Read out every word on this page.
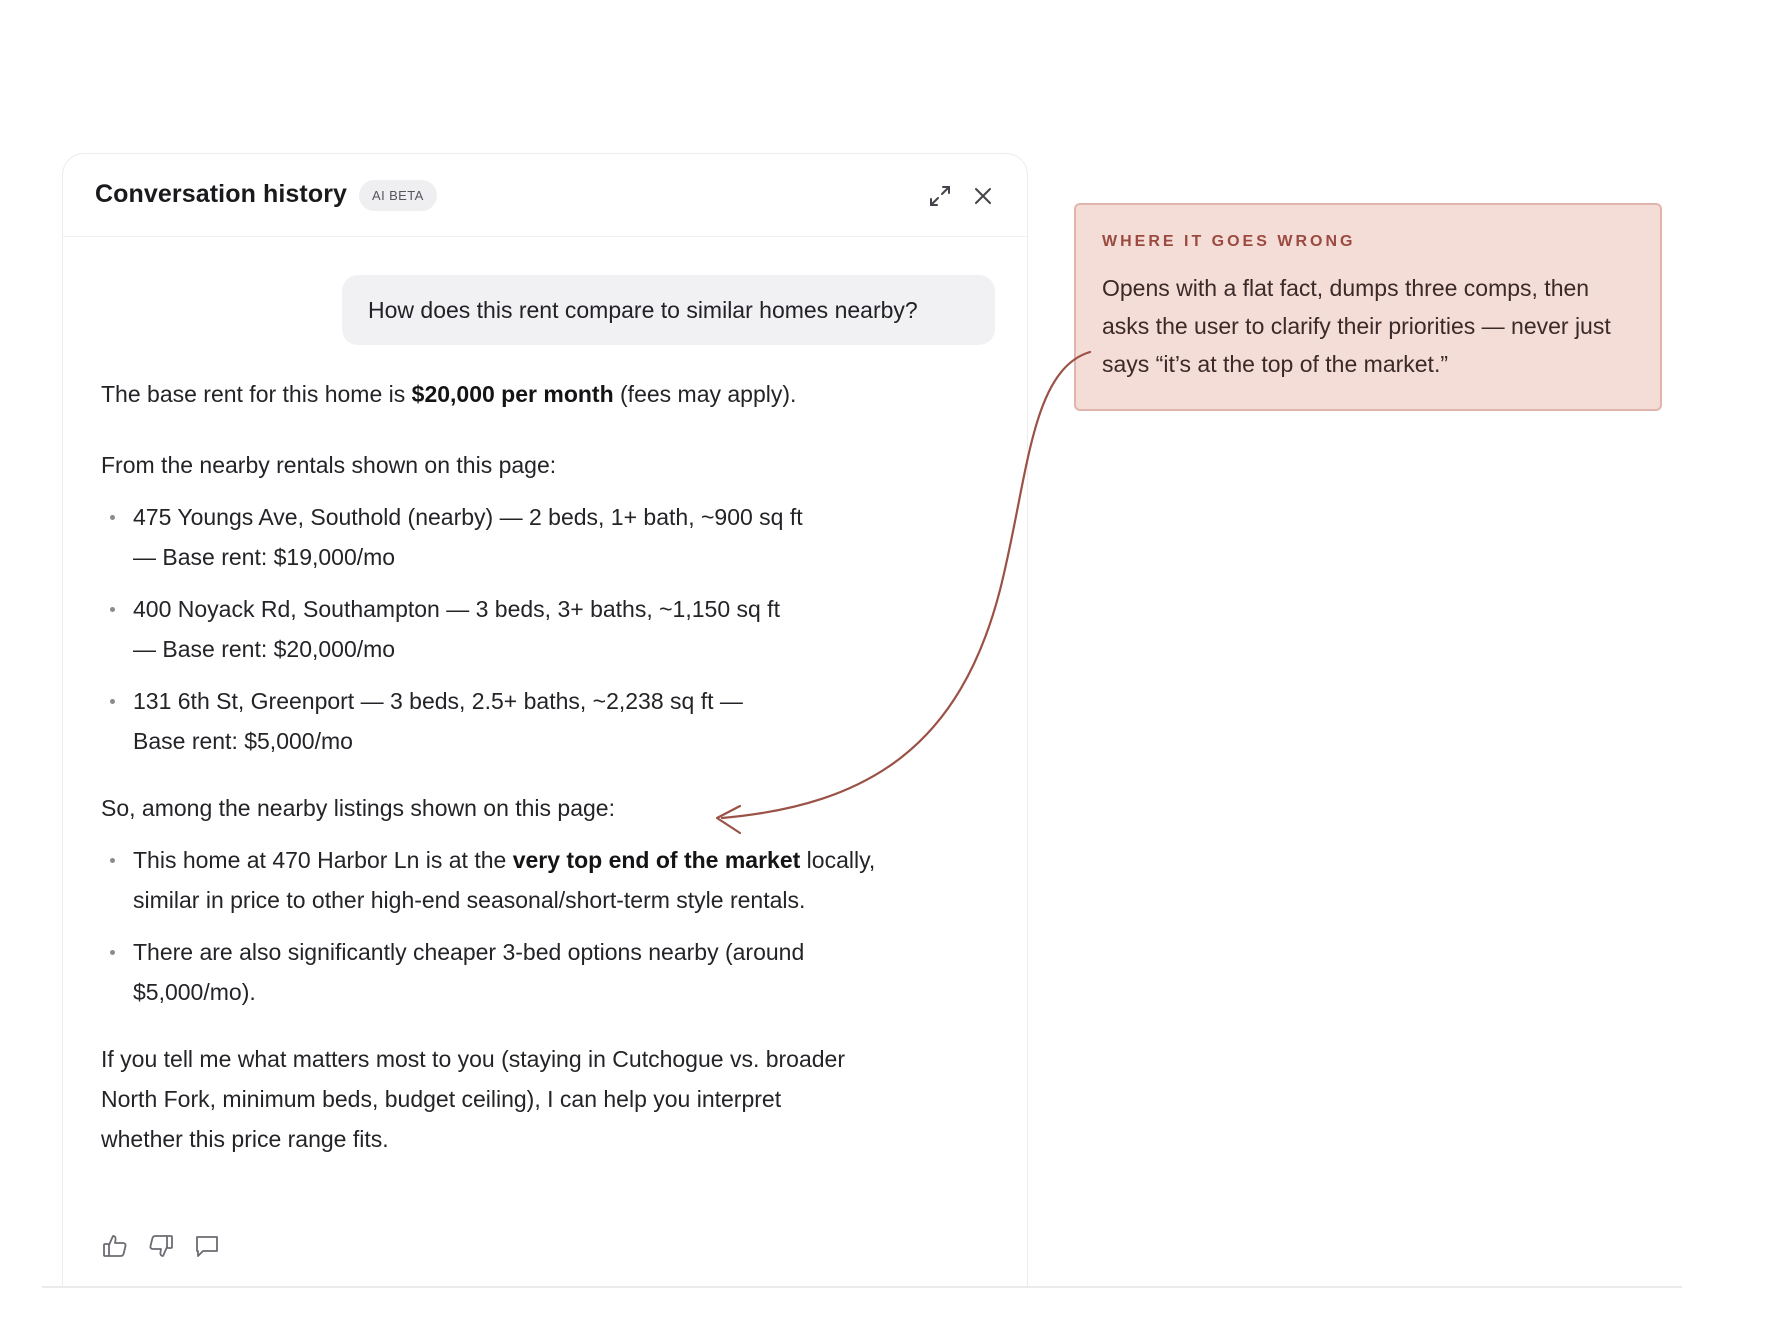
Conversation history	AI BETA
How does this rent compare to similar homes nearby?

The base rent for this home is $20,000 per month (fees may apply).

From the nearby rentals shown on this page:

475 Youngs Ave, Southold (nearby) — 2 beds, 1+ bath, ~900 sq ft — Base rent: $19,000/mo
400 Noyack Rd, Southampton — 3 beds, 3+ baths, ~1,150 sq ft — Base rent: $20,000/mo
131 6th St, Greenport — 3 beds, 2.5+ baths, ~2,238 sq ft — Base rent: $5,000/mo

So, among the nearby listings shown on this page:

This home at 470 Harbor Ln is at the very top end of the market locally, similar in price to other high-end seasonal/short-term style rentals.
There are also significantly cheaper 3-bed options nearby (around $5,000/mo).

If you tell me what matters most to you (staying in Cutchogue vs. broader North Fork, minimum beds, budget ceiling), I can help you interpret whether this price range fits.

WHERE IT GOES WRONG
Opens with a flat fact, dumps three comps, then asks the user to clarify their priorities — never just says “it’s at the top of the market.”
